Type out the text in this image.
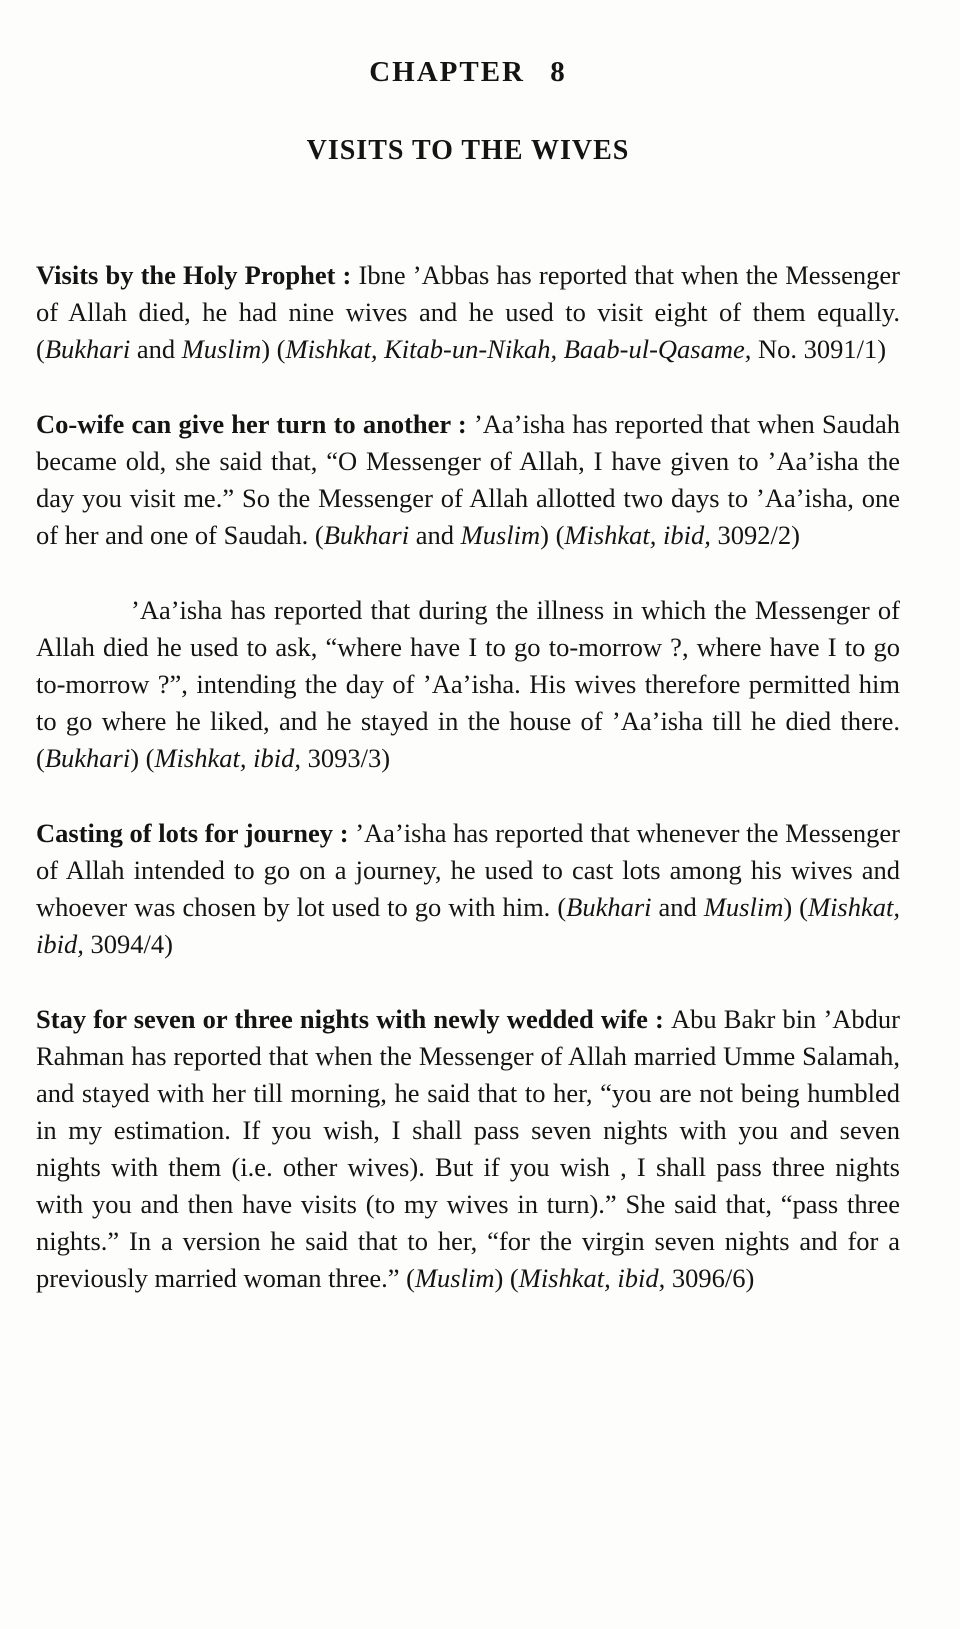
CHAPTER 8
VISITS TO THE WIVES

Visits by the Holy Prophet : Ibne ’Abbas has reported that when the Messenger of Allah died, he had nine wives and he used to visit eight of them equally. (Bukhari and Muslim) (Mishkat, Kitab-un-Nikah, Baab-ul-Qasame, No. 3091/1)

Co-wife can give her turn to another : ’Aa’isha has reported that when Saudah became old, she said that, “O Messenger of Allah, I have given to ’Aa’isha the day you visit me.” So the Messenger of Allah allotted two days to ’Aa’isha, one of her and one of Saudah. (Bukhari and Muslim) (Mishkat, ibid, 3092/2)

’Aa’isha has reported that during the illness in which the Messenger of Allah died he used to ask, “where have I to go to-morrow ?, where have I to go to-morrow ?”, intending the day of ’Aa’isha. His wives therefore permitted him to go where he liked, and he stayed in the house of ’Aa’isha till he died there. (Bukhari) (Mishkat, ibid, 3093/3)

Casting of lots for journey : ’Aa’isha has reported that whenever the Messenger of Allah intended to go on a journey, he used to cast lots among his wives and whoever was chosen by lot used to go with him. (Bukhari and Muslim) (Mishkat, ibid, 3094/4)

Stay for seven or three nights with newly wedded wife : Abu Bakr bin ’Abdur Rahman has reported that when the Messenger of Allah married Umme Salamah, and stayed with her till morning, he said that to her, “you are not being humbled in my estimation. If you wish, I shall pass seven nights with you and seven nights with them (i.e. other wives). But if you wish , I shall pass three nights with you and then have visits (to my wives in turn).” She said that, “pass three nights.” In a version he said that to her, “for the virgin seven nights and for a previously married woman three.” (Muslim) (Mishkat, ibid, 3096/6)
